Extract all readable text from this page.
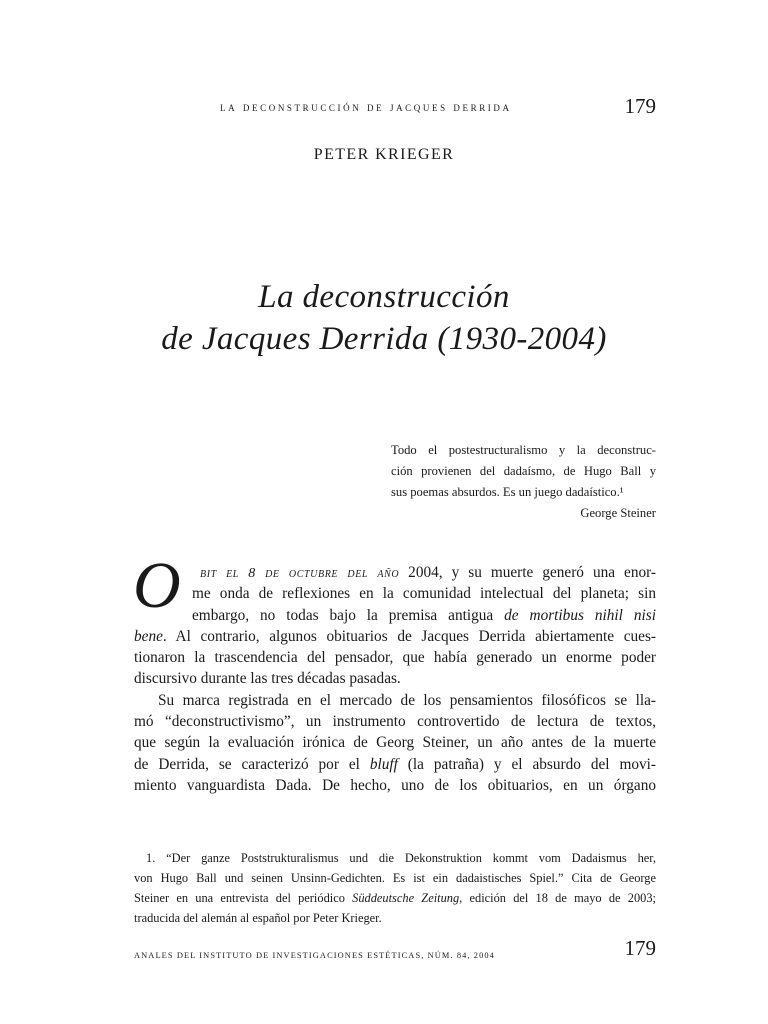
la deconstrucción de jacques derrida	179
PETER KRIEGER
La deconstrucción
de Jacques Derrida (1930-2004)
Todo el postestructuralismo y la deconstruc-
ción provienen del dadaísmo, de Hugo Ball y
sus poemas absurdos. Es un juego dadaístico.¹
George Steiner
O	bit el 8 de octubre del año 2004, y su muerte generó una enor-
me onda de reflexiones en la comunidad intelectual del planeta; sin
embargo, no todas bajo la premisa antigua de mortibus nihil nisi
bene. Al contrario, algunos obituarios de Jacques Derrida abiertamente cues-
tionaron la trascendencia del pensador, que había generado un enorme poder
discursivo durante las tres décadas pasadas.
Su marca registrada en el mercado de los pensamientos filosóficos se lla-
mó “deconstructivismo”, un instrumento controvertido de lectura de textos,
que según la evaluación irónica de Georg Steiner, un año antes de la muerte
de Derrida, se caracterizó por el bluff (la patraña) y el absurdo del movi-
miento vanguardista Dada. De hecho, uno de los obituarios, en un órgano
1. “Der ganze Poststrukturalismus und die Dekonstruktion kommt vom Dadaismus her,
von Hugo Ball und seinen Unsinn-Gedichten. Es ist ein dadaistisches Spiel.” Cita de George
Steiner en una entrevista del periódico Süddeutsche Zeitung, edición del 18 de mayo de 2003;
traducida del alemán al español por Peter Krieger.
ANALES DEL INSTITUTO DE INVESTIGACIONES ESTÉTICAS, NÚM. 84, 2004	179
